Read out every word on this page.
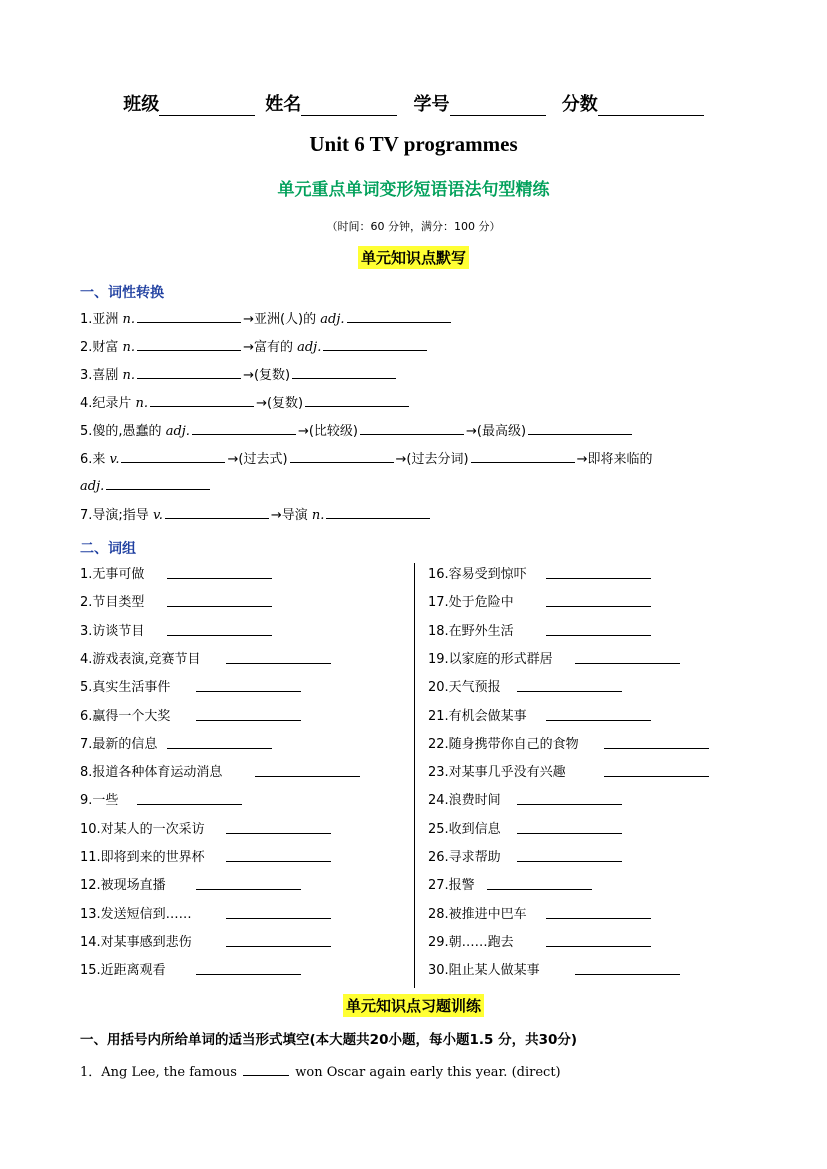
班级	姓名	学号	分数
Unit 6 TV programmes
单元重点单词变形短语语法句型精练
（时间：60 分钟，满分：100 分）
单元知识点默写
一、词性转换
1.亚洲 n.	→亚洲(人)的 adj.
2.财富 n.	→富有的 adj.
3.喜剧 n.	→(复数)
4.纪录片 n.	→(复数)
5.傻的,愚蠢的 adj.	→(比较级)	→(最高级)
6.来 v.	→(过去式)	→(过去分词)	→即将来临的
adj.
7.导演;指导 v.	→导演 n.
二、词组
单元知识点习题训练
一、用括号内所给单词的适当形式填空(本大题共20小题，每小题1.5 分，共30分)
1．Ang Lee, the famous	won Oscar again early this year. (direct)
1.无事可做
2.节目类型
3.访谈节目
4.游戏表演,竞赛节目
5.真实生活事件
6.赢得一个大奖
7.最新的信息
8.报道各种体育运动消息
9.一些
10.对某人的一次采访
11.即将到来的世界杯
12.被现场直播
13.发送短信到……
14.对某事感到悲伤
15.近距离观看
16.容易受到惊吓
17.处于危险中
18.在野外生活
19.以家庭的形式群居
20.天气预报
21.有机会做某事
22.随身携带你自己的食物
23.对某事几乎没有兴趣
24.浪费时间
25.收到信息
26.寻求帮助
27.报警
28.被推进中巴车
29.朝……跑去
30.阻止某人做某事
